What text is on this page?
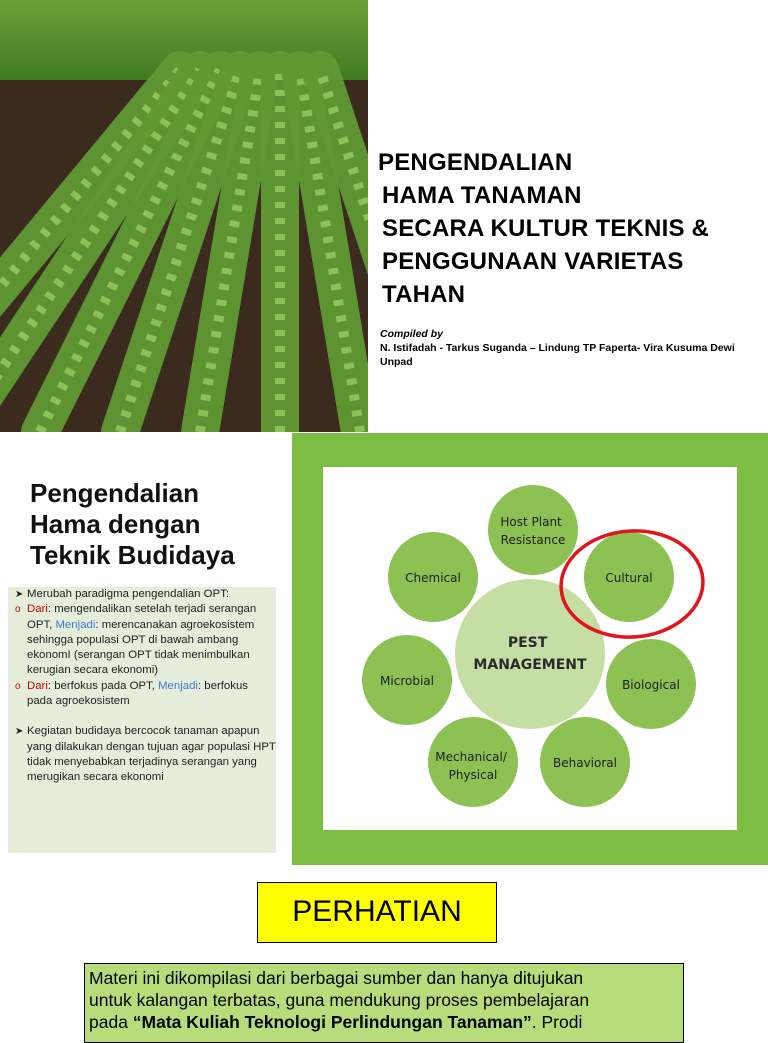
PENGENDALIAN
HAMA TANAMAN
SECARA KULTUR TEKNIS &
PENGGUNAAN VARIETAS
TAHAN
Compiled by
N. Istifadah - Tarkus Suganda – Lindung TP Faperta- Vira Kusuma Dewi
Unpad
Pengendalian
Hama dengan
Teknik Budidaya
➤ Merubah paradigma pengendalian OPT:
o Dari: mengendalikan setelah terjadi serangan OPT, Menjadi: merencanakan agroekosistem sehingga populasi OPT di bawah ambang ekonomI (serangan OPT tidak menimbulkan kerugian secara ekonomi)
o Dari: berfokus pada OPT, Menjadi: berfokus pada agroekosistem
➤ Kegiatan budidaya bercocok tanaman apapun yang dilakukan dengan tujuan agar populasi HPT tidak menyebabkan terjadinya serangan yang merugikan secara ekonomi
PEST MANAGEMENT
Host Plant Resistance
Cultural
Biological
Behavioral
Mechanical/ Physical
Microbial
Chemical
PERHATIAN
Materi ini dikompilasi dari berbagai sumber dan hanya ditujukan
untuk kalangan terbatas, guna mendukung proses pembelajaran
pada “Mata Kuliah Teknologi Perlindungan Tanaman”. Prodi
